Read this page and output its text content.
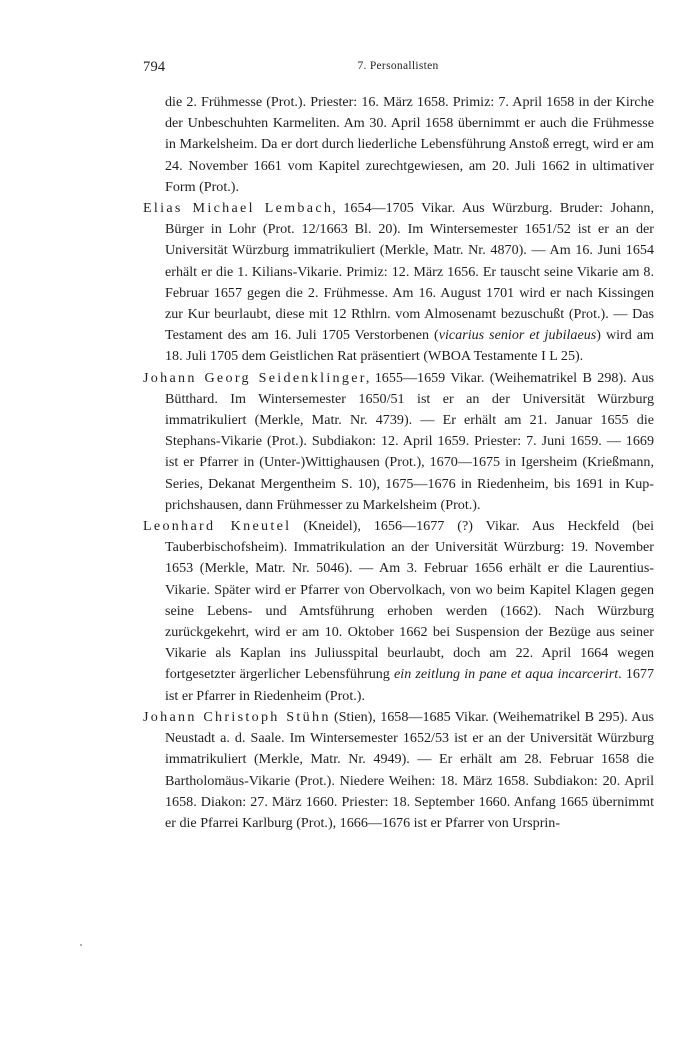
794	7. Personallisten

die 2. Frühmesse (Prot.). Priester: 16. März 1658. Primiz: 7. April 1658 in der Kirche der Unbeschuhten Karmeliten. Am 30. April 1658 übernimmt er auch die Frühmesse in Markelsheim. Da er dort durch liederliche Lebensführung Anstoß erregt, wird er am 24. November 1661 vom Kapitel zurechtgewiesen, am 20. Juli 1662 in ultimativer Form (Prot.).

Elias Michael Lembach, 1654—1705 Vikar. Aus Würzburg. Bruder: Johann, Bürger in Lohr (Prot. 12/1663 Bl. 20). Im Wintersemester 1651/52 ist er an der Universität Würzburg immatrikuliert (Merkle, Matr. Nr. 4870). — Am 16. Juni 1654 erhält er die 1. Kilians-Vikarie. Primiz: 12. März 1656. Er tauscht seine Vikarie am 8. Februar 1657 gegen die 2. Frühmesse. Am 16. August 1701 wird er nach Kissingen zur Kur beurlaubt, diese mit 12 Rthlrn. vom Almosenamt bezuschußt (Prot.). — Das Testament des am 16. Juli 1705 Verstorbenen (vicarius senior et jubilaeus) wird am 18. Juli 1705 dem Geistlichen Rat präsentiert (WBOA Testamente I L 25).

Johann Georg Seidenklinger, 1655—1659 Vikar. (Weihematrikel B 298). Aus Bütthard. Im Wintersemester 1650/51 ist er an der Universität Würzburg immatrikuliert (Merkle, Matr. Nr. 4739). — Er erhält am 21. Januar 1655 die Stephans-Vikarie (Prot.). Subdiakon: 12. April 1659. Priester: 7. Juni 1659. — 1669 ist er Pfarrer in (Unter-)Wittighausen (Prot.), 1670—1675 in Igersheim (Krießmann, Series, Dekanat Mergentheim S. 10), 1675—1676 in Riedenheim, bis 1691 in Kupprichshausen, dann Frühmesser zu Markelsheim (Prot.).

Leonhard Kneutel (Kneidel), 1656—1677 (?) Vikar. Aus Heckfeld (bei Tauberbischofsheim). Immatrikulation an der Universität Würzburg: 19. November 1653 (Merkle, Matr. Nr. 5046). — Am 3. Februar 1656 erhält er die Laurentius-Vikarie. Später wird er Pfarrer von Obervolkach, von wo beim Kapitel Klagen gegen seine Lebens- und Amtsführung erhoben werden (1662). Nach Würzburg zurückgekehrt, wird er am 10. Oktober 1662 bei Suspension der Bezüge aus seiner Vikarie als Kaplan ins Juliusspital beurlaubt, doch am 22. April 1664 wegen fortgesetzter ärgerlicher Lebensführung ein zeitlung in pane et aqua incarcerirt. 1677 ist er Pfarrer in Riedenheim (Prot.).

Johann Christoph Stühn (Stien), 1658—1685 Vikar. (Weihematrikel B 295). Aus Neustadt a. d. Saale. Im Wintersemester 1652/53 ist er an der Universität Würzburg immatrikuliert (Merkle, Matr. Nr. 4949). — Er erhält am 28. Februar 1658 die Bartholomäus-Vikarie (Prot.). Niedere Weihen: 18. März 1658. Subdiakon: 20. April 1658. Diakon: 27. März 1660. Priester: 18. September 1660. Anfang 1665 übernimmt er die Pfarrei Karlburg (Prot.), 1666—1676 ist er Pfarrer von Ursprin-
